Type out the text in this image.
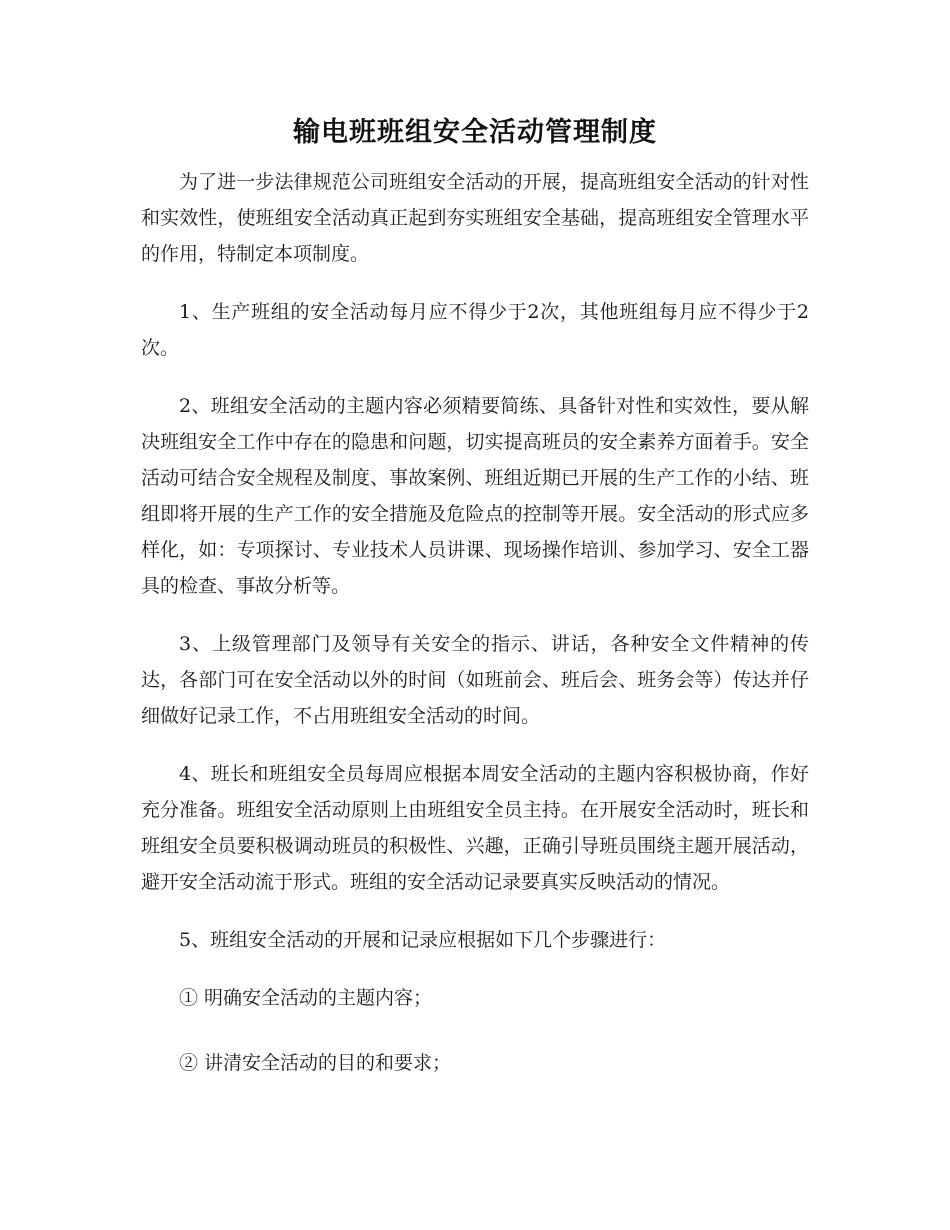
输电班班组安全活动管理制度

为了进一步法律规范公司班组安全活动的开展，提高班组安全活动的针对性和实效性，使班组安全活动真正起到夯实班组安全基础，提高班组安全管理水平的作用，特制定本项制度。

1、生产班组的安全活动每月应不得少于2次，其他班组每月应不得少于2次。

2、班组安全活动的主题内容必须精要简练、具备针对性和实效性，要从解决班组安全工作中存在的隐患和问题，切实提高班员的安全素养方面着手。安全活动可结合安全规程及制度、事故案例、班组近期已开展的生产工作的小结、班组即将开展的生产工作的安全措施及危险点的控制等开展。安全活动的形式应多样化，如：专项探讨、专业技术人员讲课、现场操作培训、参加学习、安全工器具的检查、事故分析等。

3、上级管理部门及领导有关安全的指示、讲话，各种安全文件精神的传达，各部门可在安全活动以外的时间（如班前会、班后会、班务会等）传达并仔细做好记录工作，不占用班组安全活动的时间。

4、班长和班组安全员每周应根据本周安全活动的主题内容积极协商，作好充分准备。班组安全活动原则上由班组安全员主持。在开展安全活动时，班长和班组安全员要积极调动班员的积极性、兴趣，正确引导班员围绕主题开展活动，避开安全活动流于形式。班组的安全活动记录要真实反映活动的情况。

5、班组安全活动的开展和记录应根据如下几个步骤进行：

① 明确安全活动的主题内容；

② 讲清安全活动的目的和要求；
